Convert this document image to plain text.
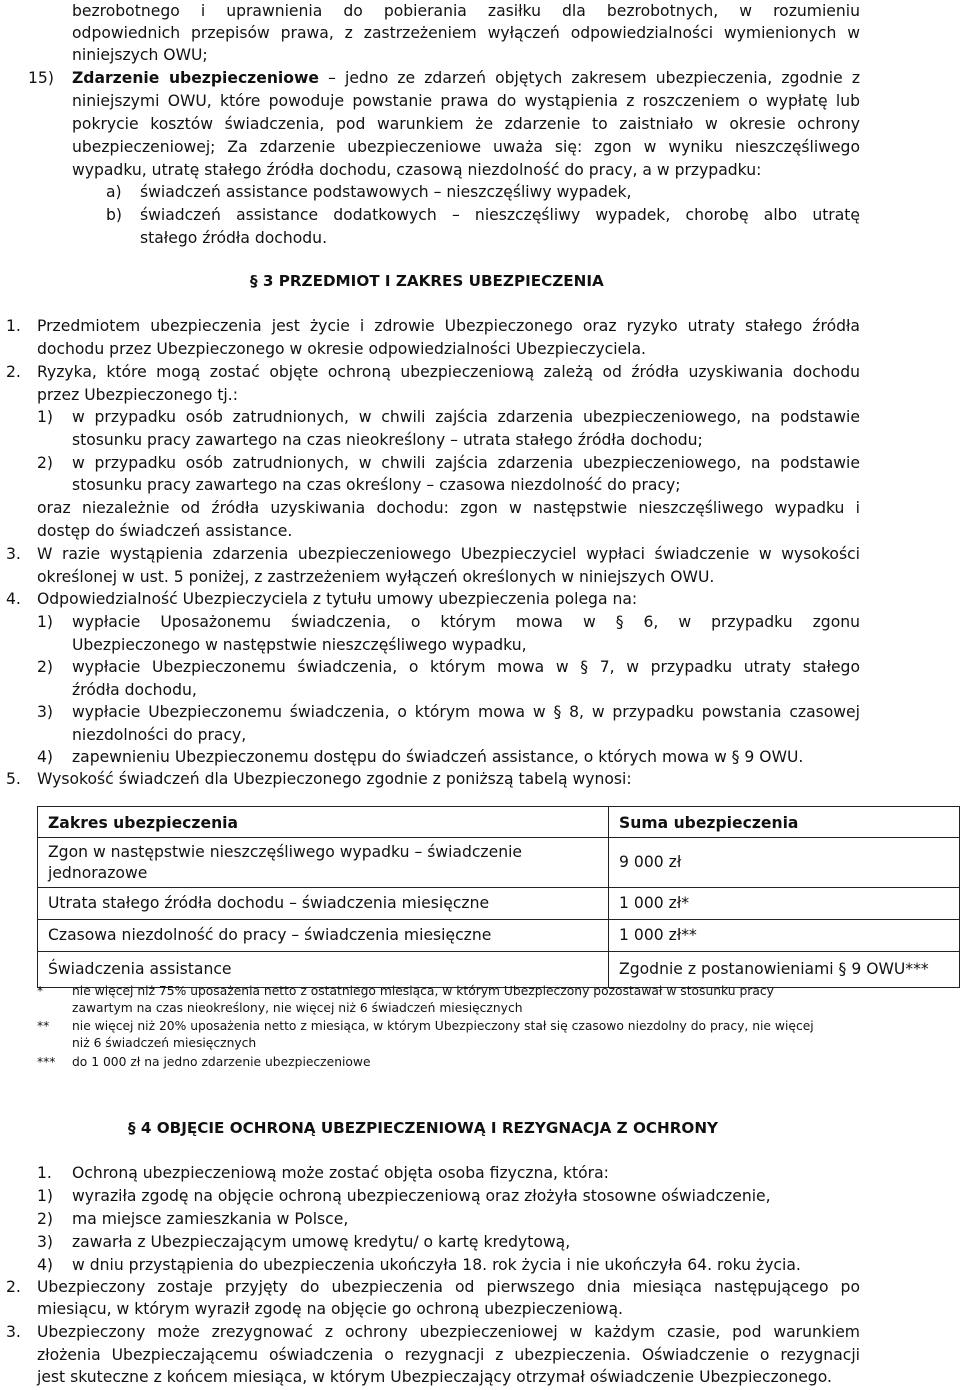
bezrobotnego i uprawnienia do pobierania zasiłku dla bezrobotnych, w rozumieniu
odpowiednich przepisów prawa, z zastrzeżeniem wyłączeń odpowiedzialności wymienionych w
niniejszych OWU;
15) Zdarzenie ubezpieczeniowe – jedno ze zdarzeń objętych zakresem ubezpieczenia, zgodnie z
niniejszymi OWU, które powoduje powstanie prawa do wystąpienia z roszczeniem o wypłatę lub
pokrycie kosztów świadczenia, pod warunkiem że zdarzenie to zaistniało w okresie ochrony
ubezpieczeniowej; Za zdarzenie ubezpieczeniowe uważa się: zgon w wyniku nieszczęśliwego
wypadku, utratę stałego źródła dochodu, czasową niezdolność do pracy, a w przypadku:
a) świadczeń assistance podstawowych – nieszczęśliwy wypadek,
b) świadczeń assistance dodatkowych – nieszczęśliwy wypadek, chorobę albo utratę
stałego źródła dochodu.
§ 3 PRZEDMIOT I ZAKRES UBEZPIECZENIA
1. Przedmiotem ubezpieczenia jest życie i zdrowie Ubezpieczonego oraz ryzyko utraty stałego źródła
dochodu przez Ubezpieczonego w okresie odpowiedzialności Ubezpieczyciela.
2. Ryzyka, które mogą zostać objęte ochroną ubezpieczeniową zależą od źródła uzyskiwania dochodu
przez Ubezpieczonego tj.:
1) w przypadku osób zatrudnionych, w chwili zajścia zdarzenia ubezpieczeniowego, na podstawie
stosunku pracy zawartego na czas nieokreślony – utrata stałego źródła dochodu;
2) w przypadku osób zatrudnionych, w chwili zajścia zdarzenia ubezpieczeniowego, na podstawie
stosunku pracy zawartego na czas określony – czasowa niezdolność do pracy;
oraz niezależnie od źródła uzyskiwania dochodu: zgon w następstwie nieszczęśliwego wypadku i
dostęp do świadczeń assistance.
3. W razie wystąpienia zdarzenia ubezpieczeniowego Ubezpieczyciel wypłaci świadczenie w wysokości
określonej w ust. 5 poniżej, z zastrzeżeniem wyłączeń określonych w niniejszych OWU.
4. Odpowiedzialność Ubezpieczyciela z tytułu umowy ubezpieczenia polega na:
1) wypłacie Uposażonemu świadczenia, o którym mowa w § 6, w przypadku zgonu
Ubezpieczonego w następstwie nieszczęśliwego wypadku,
2) wypłacie Ubezpieczonemu świadczenia, o którym mowa w § 7, w przypadku utraty stałego
źródła dochodu,
3) wypłacie Ubezpieczonemu świadczenia, o którym mowa w § 8, w przypadku powstania czasowej
niezdolności do pracy,
4) zapewnieniu Ubezpieczonemu dostępu do świadczeń assistance, o których mowa w § 9 OWU.
5. Wysokość świadczeń dla Ubezpieczonego zgodnie z poniższą tabelą wynosi:
Zakres ubezpieczenia	Suma ubezpieczenia
Zgon w następstwie nieszczęśliwego wypadku – świadczenie jednorazowe	9 000 zł
Utrata stałego źródła dochodu – świadczenia miesięczne	1 000 zł*
Czasowa niezdolność do pracy – świadczenia miesięczne	1 000 zł**
Świadczenia assistance	Zgodnie z postanowieniami § 9 OWU***
* nie więcej niż 75% uposażenia netto z ostatniego miesiąca, w którym Ubezpieczony pozostawał w stosunku pracy
zawartym na czas nieokreślony, nie więcej niż 6 świadczeń miesięcznych
** nie więcej niż 20% uposażenia netto z miesiąca, w którym Ubezpieczony stał się czasowo niezdolny do pracy, nie więcej
niż 6 świadczeń miesięcznych
*** do 1 000 zł na jedno zdarzenie ubezpieczeniowe
§ 4 OBJĘCIE OCHRONĄ UBEZPIECZENIOWĄ I REZYGNACJA Z OCHRONY
1. Ochroną ubezpieczeniową może zostać objęta osoba fizyczna, która:
1) wyraziła zgodę na objęcie ochroną ubezpieczeniową oraz złożyła stosowne oświadczenie,
2) ma miejsce zamieszkania w Polsce,
3) zawarła z Ubezpieczającym umowę kredytu/ o kartę kredytową,
4) w dniu przystąpienia do ubezpieczenia ukończyła 18. rok życia i nie ukończyła 64. roku życia.
2. Ubezpieczony zostaje przyjęty do ubezpieczenia od pierwszego dnia miesiąca następującego po
miesiącu, w którym wyraził zgodę na objęcie go ochroną ubezpieczeniową.
3. Ubezpieczony może zrezygnować z ochrony ubezpieczeniowej w każdym czasie, pod warunkiem
złożenia Ubezpieczającemu oświadczenia o rezygnacji z ubezpieczenia. Oświadczenie o rezygnacji
jest skuteczne z końcem miesiąca, w którym Ubezpieczający otrzymał oświadczenie Ubezpieczonego.
